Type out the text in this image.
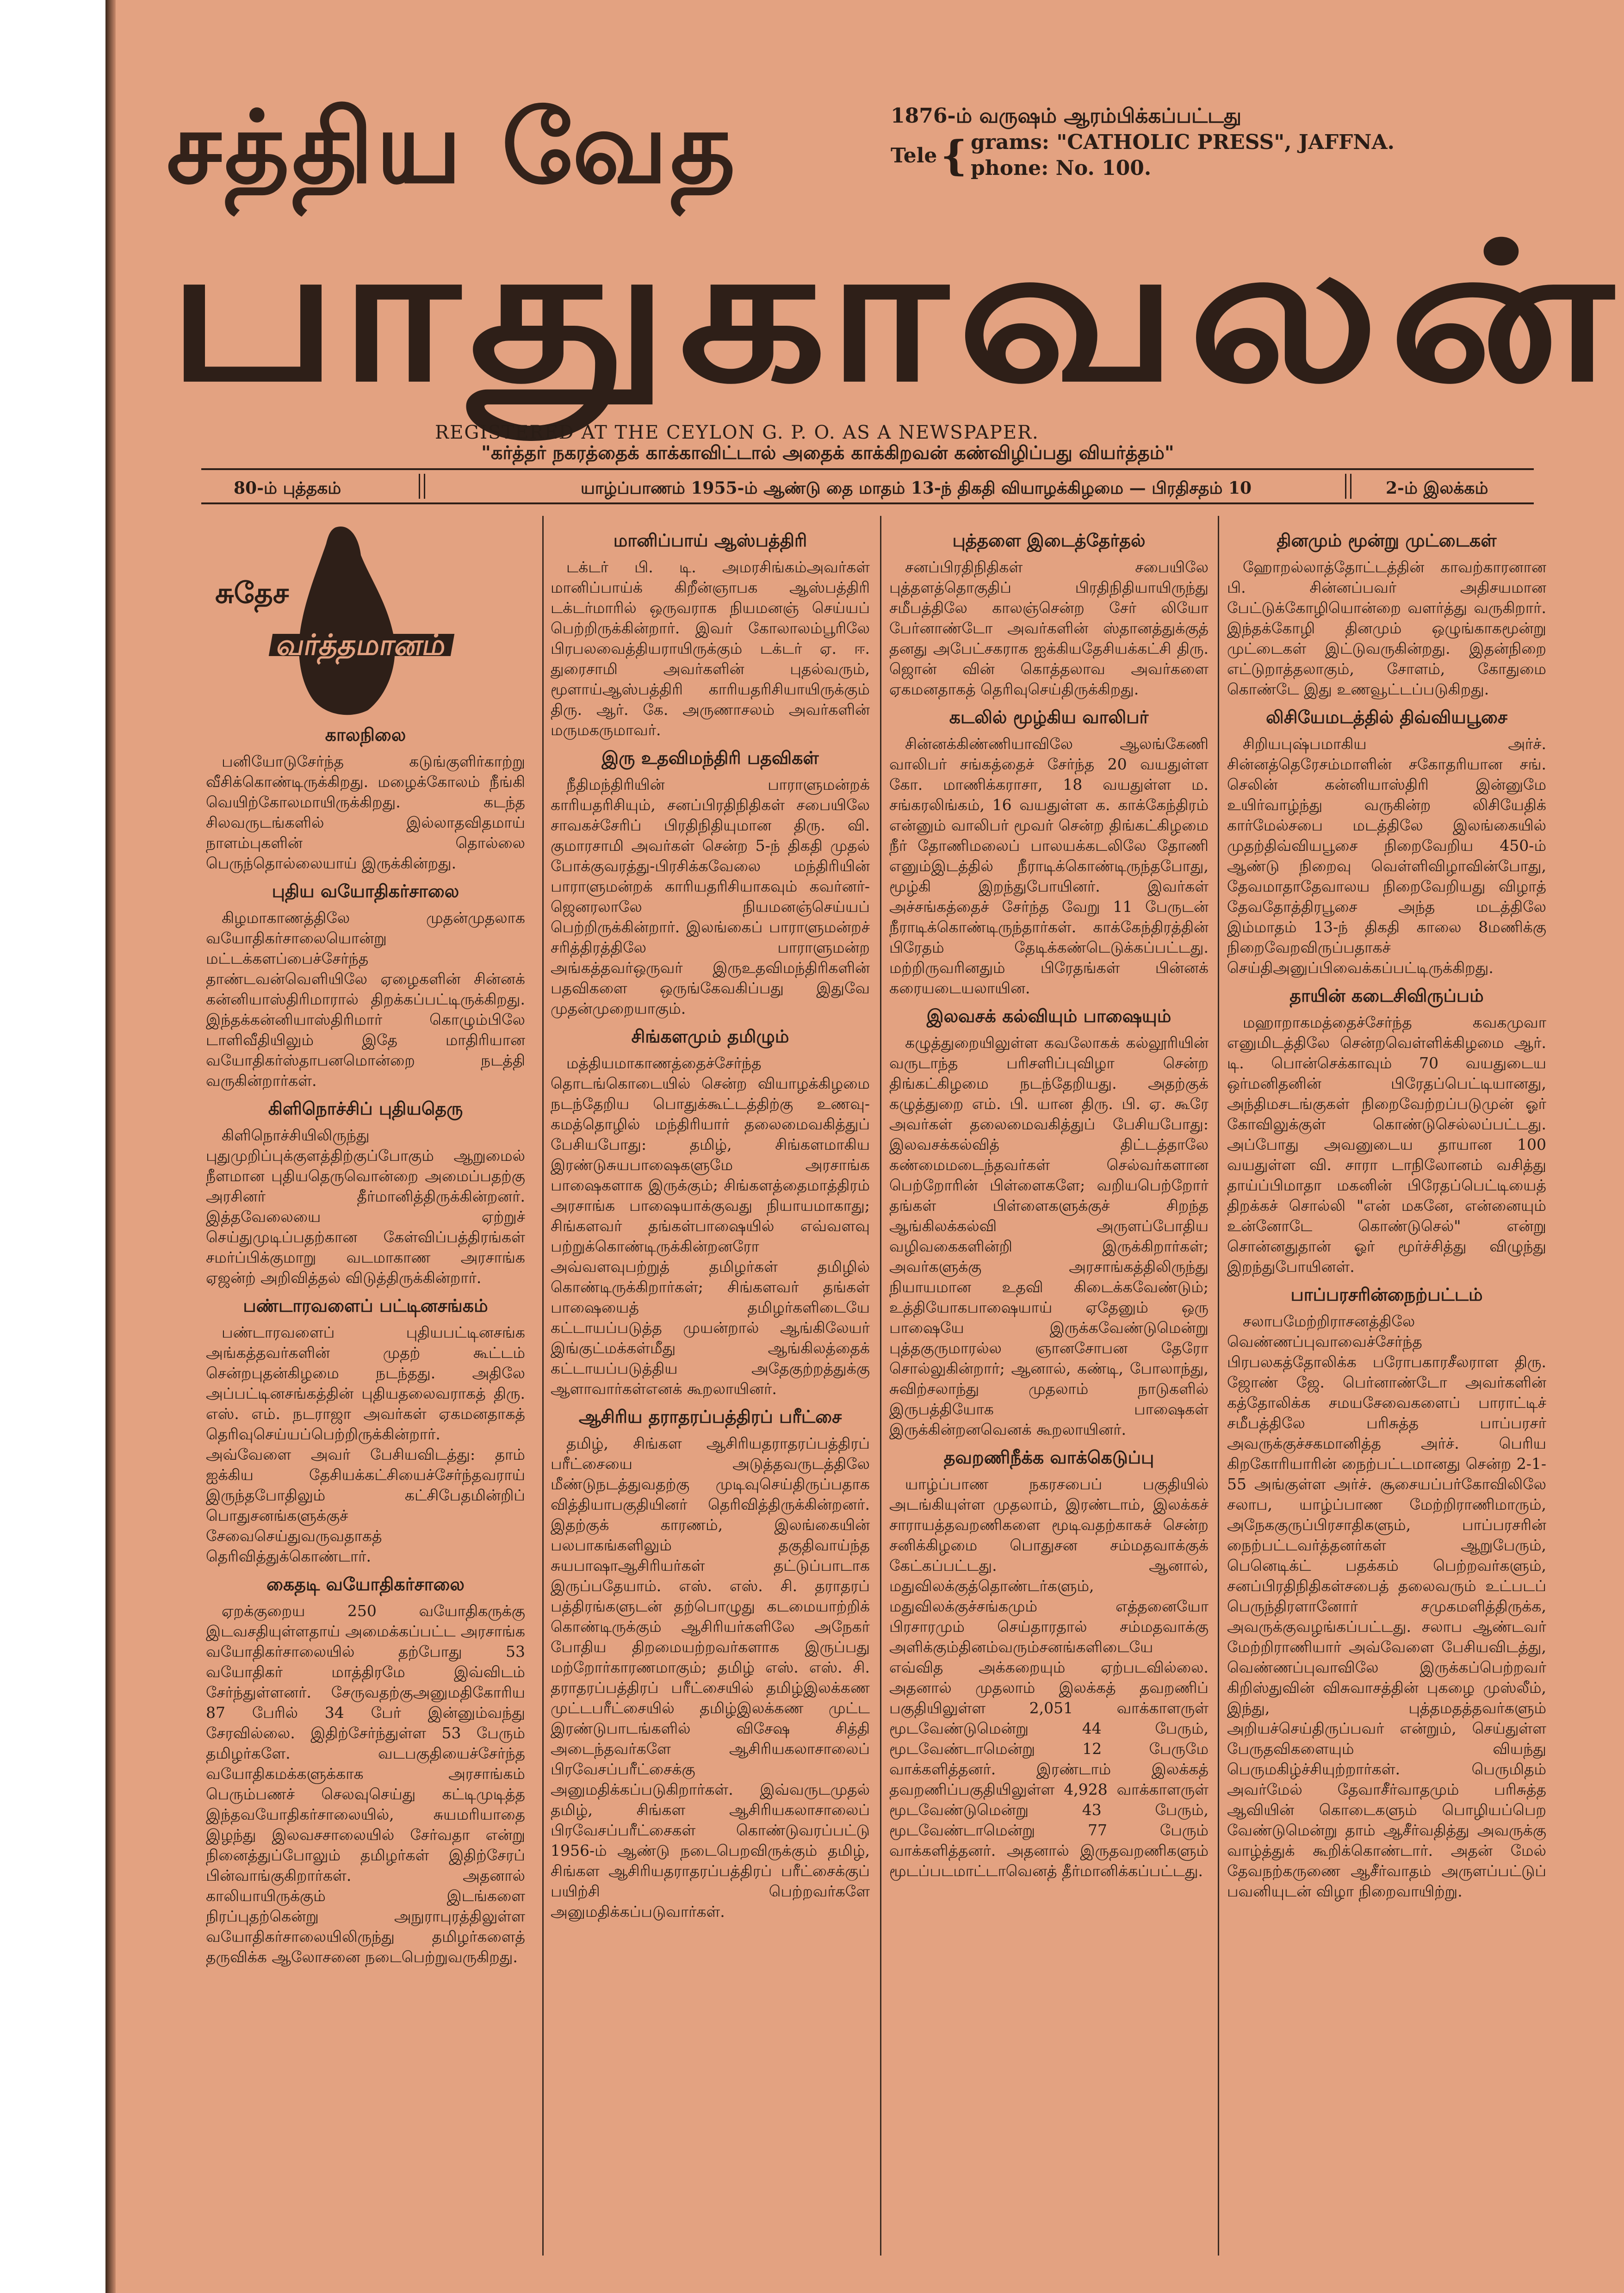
சத்திய வேத
பாதுகாவலன்
1876-ம் வருஷம் ஆரம்பிக்கப்பட்டது
Tele { grams: "CATHOLIC PRESS", JAFFNA.
phone: No. 100.
REGISTERED AT THE CEYLON G. P. O. AS A NEWSPAPER.
"கர்த்தர் நகரத்தைக் காக்காவிட்டால் அதைக் காக்கிறவன் கண்விழிப்பது வியர்த்தம்"
80-ம் புத்தகம்	யாழ்ப்பாணம் 1955-ம் ஆண்டு தை மாதம் 13-ந் திகதி வியாழக்கிழமை — பிரதிசதம் 10	2-ம் இலக்கம்
சுதேச
வர்த்தமானம்
காலநிலை

பனியோடுசேர்ந்த கடுங்குளிர்காற்று வீசிக்கொண்டிருக்கிறது. மழைக்கோலம் நீங்கி வெயிற்கோலமாயிருக்கிறது. கடந்த சிலவருடங்களில் இல்லாதவிதமாய் நாளம்புகளின் தொல்லை பெருந்தொல்லையாய் இருக்கின்றது.

புதிய வயோதிகர்சாலை

கிழமாகாணத்திலே முதன்முதலாக வயோதிகர்சாலையொன்று மட்டக்களப்பைச்சேர்ந்த தாண்டவன்வெளியிலே ஏழைகளின் சின்னக் கன்னியாஸ்திரிமாரால் திறக்கப்பட்டிருக்கிறது. இந்தக்கன்னியாஸ்திரிமார் கொழும்பிலே டாளிவீதியிலும் இதே மாதிரியான வயோதிகர்ஸ்தாபனமொன்றை நடத்தி வருகின்றார்கள்.

கிளிநொச்சிப் புதியதெரு

கிளிநொச்சியிலிருந்து புதுமுறிப்புக்குளத்திற்குப்போகும் ஆறுமைல் நீளமான புதியதெருவொன்றை அமைப்பதற்கு அரசினர் தீர்மானித்திருக்கின்றனர். இத்தவேலையை ஏற்றுச் செய்துமுடிப்பதற்கான கேள்விப்பத்திரங்கள் சமர்ப்பிக்குமாறு வடமாகாண அரசாங்க ஏஜன்ற் அறிவித்தல் விடுத்திருக்கின்றார்.

பண்டாரவளைப் பட்டினசங்கம்

பண்டாரவளைப் புதியபட்டினசங்க அங்கத்தவர்களின் முதற் கூட்டம் சென்றபுதன்கிழமை நடந்தது. அதிலே அப்பட்டினசங்கத்தின் புதியதலைவராகத் திரு. எஸ். எம். நடராஜா அவர்கள் ஏகமனதாகத் தெரிவுசெய்யப்பெற்றிருக்கின்றார். அவ்வேளை அவர் பேசியவிடத்து: தாம் ஐக்கிய தேசியக்கட்சியைச்சேர்ந்தவராய் இருந்தபோதிலும் கட்சிபேதமின்றிப் பொதுசனங்களுக்குச் சேவைசெய்துவருவதாகத் தெரிவித்துக்கொண்டார்.

கைதடி வயோதிகர்சாலை

ஏறக்குறைய 250 வயோதிகருக்கு இடவசதியுள்ளதாய் அமைக்கப்பட்ட அரசாங்க வயோதிகர்சாலையில் தற்போது 53 வயோதிகர் மாத்திரமே இவ்விடம் சேர்ந்துள்ளனர். சேருவதற்குஅனுமதிகோரிய 87 பேரில் 34 பேர் இன்னும்வந்து சேரவில்லை. இதிற்சேர்ந்துள்ள 53 பேரும் தமிழர்களே. வடபகுதியைச்சேர்ந்த வயோதிகமக்களுக்காக அரசாங்கம் பெரும்பணச் செலவுசெய்து கட்டிமுடித்த இந்தவயோதிகர்சாலையில், சுயமரியாதை இழந்து இலவசசாலையில் சேர்வதா என்று நினைத்துப்போலும் தமிழர்கள் இதிற்சேரப் பின்வாங்குகிறார்கள். அதனால் காலியாயிருக்கும் இடங்களை நிரப்புதற்கென்று அநுராபுரத்திலுள்ள வயோதிகர்சாலையிலிருந்து தமிழர்களைத் தருவிக்க ஆலோசனை நடைபெற்றுவருகிறது.

மானிப்பாய் ஆஸ்பத்திரி

டக்டர் பி. டி. அமரசிங்கம்அவர்கள் மானிப்பாய்க் கிறீன்ஞாபக ஆஸ்பத்திரி டக்டர்மாரில் ஒருவராக நியமனஞ் செய்யப் பெற்றிருக்கின்றார். இவர் கோலாலம்பூரிலே பிரபலவைத்தியராயிருக்கும் டக்டர் ஏ. ஈ. துரைசாமி அவர்களின் புதல்வரும், மூளாய்ஆஸ்பத்திரி காரியதரிசியாயிருக்கும் திரு. ஆர். கே. அருணாசலம் அவர்களின் மருமகருமாவர்.

இரு உதவிமந்திரி பதவிகள்

நீதிமந்திரியின் பாராளுமன்றக் காரியதரிசியும், சனப்பிரதிநிதிகள் சபையிலே சாவகச்சேரிப் பிரதிநிதியுமான திரு. வி. குமாரசாமி அவர்கள் சென்ற 5-ந் திகதி முதல் போக்குவரத்து-பிரசிக்கவேலை மந்திரியின் பாராளுமன்றக் காரியதரிசியாகவும் கவர்னர்-ஜெனரலாலே நியமனஞ்செய்யப் பெற்றிருக்கின்றார். இலங்கைப் பாராளுமன்றச் சரித்திரத்திலே பாராளுமன்ற அங்கத்தவர்ஒருவர் இருஉதவிமந்திரிகளின் பதவிகளை ஒருங்கேவகிப்பது இதுவே முதன்முறையாகும்.

சிங்களமும் தமிழும்

மத்தியமாகாணத்தைச்சேர்ந்த தொடங்கொடையில் சென்ற வியாழக்கிழமை நடந்தேறிய பொதுக்கூட்டத்திற்கு உணவு-கமத்தொழில் மந்திரியார் தலைமைவகித்துப் பேசியபோது: தமிழ், சிங்களமாகிய இரண்டுசுயபாஷைகளுமே அரசாங்க பாஷைகளாக இருக்கும்; சிங்களத்தைமாத்திரம் அரசாங்க பாஷையாக்குவது நியாயமாகாது; சிங்களவர் தங்கள்பாஷையில் எவ்வளவு பற்றுக்கொண்டிருக்கின்றனரோ அவ்வளவுபற்றுத் தமிழர்கள் தமிழில் கொண்டிருக்கிறார்கள்; சிங்களவர் தங்கள் பாஷையைத் தமிழர்களிடையே கட்டாயப்படுத்த முயன்றால் ஆங்கிலேயர் இங்குட்மக்கள்மீது ஆங்கிலத்தைக் கட்டாயப்படுத்திய அதேகுற்றத்துக்கு ஆளாவார்கள்எனக் கூறலாயினர்.

ஆசிரிய தராதரப்பத்திரப் பரீட்சை

தமிழ், சிங்கள ஆசிரியதராதரப்பத்திரப் பரீட்சையை அடுத்தவருடத்திலே மீண்டுநடத்துவதற்கு முடிவுசெய்திருப்பதாக வித்தியாபகுதியினர் தெரிவித்திருக்கின்றனர். இதற்குக் காரணம், இலங்கையின் பலபாகங்களிலும் தகுதிவாய்ந்த சுயபாஷாஆசிரியர்கள் தட்டுப்பாடாக இருப்பதேயாம். எஸ். எஸ். சி. தராதரப் பத்திரங்களுடன் தற்பொழுது கடமையாற்றிக் கொண்டிருக்கும் ஆசிரியர்களிலே அநேகர் போதிய திறமையற்றவர்களாக இருப்பது மற்றோர்காரணமாகும்; தமிழ் எஸ். எஸ். சி. தராதரப்பத்திரப் பரீட்சையில் தமிழ்இலக்கண முட்டபரீட்சையில் தமிழ்இலக்கண முட்ட இரண்டுபாடங்களில் விசேஷ சித்தி அடைந்தவர்களே ஆசிரியகலாசாலைப் பிரவேசப்பரீட்சைக்கு அனுமதிக்கப்படுகிறார்கள். இவ்வருடமுதல் தமிழ், சிங்கள ஆசிரியகலாசாலைப் பிரவேசப்பரீட்சைகள் கொண்டுவரப்பட்டு 1956-ம் ஆண்டு நடைபெறவிருக்கும் தமிழ், சிங்கள ஆசிரியதராதரப்பத்திரப் பரீட்சைக்குப் பயிற்சி பெற்றவர்களே அனுமதிக்கப்படுவார்கள்.

புத்தளை இடைத்தேர்தல்

சனப்பிரதிநிதிகள் சபையிலே புத்தளத்தொகுதிப் பிரதிநிதியாயிருந்து சமீபத்திலே காலஞ்சென்ற சேர் லியோ பேர்னாண்டோ அவர்களின் ஸ்தானத்துக்குத் தனது அபேட்சகராக ஐக்கியதேசியக்கட்சி திரு. ஜொன் வின் கொத்தலாவ அவர்களை ஏகமனதாகத் தெரிவுசெய்திருக்கிறது.

கடலில் மூழ்கிய வாலிபர்

சின்னக்கிண்ணியாவிலே ஆலங்கேணி வாலிபர் சங்கத்தைச் சேர்ந்த 20 வயதுள்ள கோ. மாணிக்கராசா, 18 வயதுள்ள ம. சங்கரலிங்கம், 16 வயதுள்ள க. காக்கேந்திரம் என்னும் வாலிபர் மூவர் சென்ற திங்கட்கிழமை நீர் தோணிமலைப் பாலயக்கடலிலே தோணி எனும்இடத்தில் நீராடிக்கொண்டிருந்தபோது, மூழ்கி இறந்துபோயினர். இவர்கள் அச்சங்கத்தைச் சேர்ந்த வேறு 11 பேருடன் நீராடிக்கொண்டிருந்தார்கள். காக்கேந்திரத்தின் பிரேதம் தேடிக்கண்டெடுக்கப்பட்டது. மற்றிருவரினதும் பிரேதங்கள் பின்னக் கரையடையலாயின.

இலவசக் கல்வியும் பாஷையும்

கழுத்துறையிலுள்ள கவலோகக் கல்லூரியின் வருடாந்த பரிசளிப்புவிழா சென்ற திங்கட்கிழமை நடந்தேறியது. அதற்குக் கழுத்துறை எம். பி. யான திரு. பி. ஏ. கூரே அவர்கள் தலைமைவகித்துப் பேசியபோது: இலவசக்கல்வித் திட்டத்தாலே கண்மைமடைந்தவர்கள் செல்வர்களான பெற்றோரின் பிள்ளைகளே; வறியபெற்றோர் தங்கள் பிள்ளைகளுக்குச் சிறந்த ஆங்கிலக்கல்வி அருளப்போதிய வழிவகைகளின்றி இருக்கிறார்கள்; அவர்களுக்கு அரசாங்கத்திலிருந்து நியாயமான உதவி கிடைக்கவேண்டும்; உத்தியோகபாஷையாய் ஏதேனும் ஒரு பாஷையே இருக்கவேண்டுமென்று புத்தகுருமாரல்ல ஞானசோபன தேரோ சொல்லுகின்றார்; ஆனால், கண்டி, போலாந்து, சுவிற்சலாந்து முதலாம் நாடுகளில் இருபத்தியோக பாஷைகள் இருக்கின்றனவெனக் கூறலாயினர்.

தவறணிநீக்க வாக்கெடுப்பு

யாழ்ப்பாண நகரசபைப் பகுதியில் அடங்கியுள்ள முதலாம், இரண்டாம், இலக்கச் சாராயத்தவறணிகளை மூடிவதற்காகச் சென்ற சனிக்கிழமை பொதுசன சம்மதவாக்குக் கேட்கப்பட்டது. ஆனால், மதுவிலக்குத்தொண்டர்களும், மதுவிலக்குச்சங்கமும் எத்தனையோ பிரசாரமும் செய்தாரதால் சம்மதவாக்கு அளிக்கும்தினம்வரும்சனங்களிடையே எவ்வித அக்கறையும் ஏற்படவில்லை. அதனால் முதலாம் இலக்கத் தவறணிப் பகுதியிலுள்ள 2,051 வாக்காளருள் மூடவேண்டுமென்று 44 பேரும், மூடவேண்டாமென்று 12 பேருமே வாக்களித்தனர். இரண்டாம் இலக்கத் தவறணிப்பகுதியிலுள்ள 4,928 வாக்காளருள் மூடவேண்டுமென்று 43 பேரும், மூடவேண்டாமென்று 77 பேரும் வாக்களித்தனர். அதனால் இருதவறணிகளும் மூடப்படமாட்டாவெனத் தீர்மானிக்கப்பட்டது.

தினமும் மூன்று முட்டைகள்

ஹோறல்லாத்தோட்டத்தின் காவற்காரனான பி. சின்னப்பவர் அதிசயமான பேட்டுக்கோழியொன்றை வளர்த்து வருகிறார். இந்தக்கோழி தினமும் ஒழுங்காகமூன்று முட்டைகள் இட்டுவருகின்றது. இதன்நிறை எட்டுறாத்தலாகும், சோளம், கோதுமை கொண்டே இது உணவூட்டப்படுகிறது.

லிசியேமடத்தில் திவ்வியபூசை

சிறியபுஷ்பமாகிய அர்ச். சின்னத்தெரேசம்மாளின் சகோதரியான சங். செலின் கன்னியாஸ்திரி இன்னுமே உயிர்வாழ்ந்து வருகின்ற லிசியேதிக் கார்மேல்சபை மடத்திலே இலங்கையில் முதற்திவ்வியபூசை நிறைவேறிய 450-ம் ஆண்டு நிறைவு வெள்ளிவிழாவின்போது, தேவமாதாதேவாலய நிறைவேறியது விழாத் தேவதோத்திரபூசை அந்த மடத்திலே இம்மாதம் 13-ந் திகதி காலை 8மணிக்கு நிறைவேறவிருப்பதாகச் செய்திஅனுப்பிவைக்கப்பட்டிருக்கிறது.

தாயின் கடைசிவிருப்பம்

மஹாறாகமத்தைச்சேர்ந்த கவகமுவா எனுமிடத்திலே சென்றவெள்ளிக்கிழமை ஆர். டி. பொன்செக்காவும் 70 வயதுடைய ஒர்மனிதனின் பிரேதப்பெட்டியானது, அந்திமசடங்குகள் நிறைவேற்றப்படுமுன் ஓர் கோவிலுக்குள் கொண்டுசெல்லப்பட்டது. அப்போது அவனுடைய தாயான 100 வயதுள்ள வி. சாரா டாநிலோனம் வசித்து தாய்ப்பிமாதா மகனின் பிரேதப்பெட்டியைத் திறக்கச் சொல்லி "என் மகனே, என்னையும் உன்னோடே கொண்டுசெல்" என்று சொன்னதுதான் ஓர் மூர்ச்சித்து விழுந்து இறந்துபோயினள்.

பாப்பரசரின்நைற்பட்டம்

சலாபமேற்றிராசனத்திலே வெண்ணப்புவாவைச்சேர்ந்த பிரபலகத்தோலிக்க பரோபகாரசீலராள திரு. ஜோண் ஜே. பெர்னாண்டோ அவர்களின் கத்தோலிக்க சமயசேவைகளைப் பாராட்டிச் சமீபத்திலே பரிசுத்த பாப்பரசர் அவருக்குச்சகமானித்த அர்ச். பெரிய கிறகோரியாரின் நைற்பட்டமானது சென்ற 2-1-55 அங்குள்ள அர்ச். சூசையப்பர்கோவிலிலே சலாப, யாழ்ப்பாண மேற்றிராணிமாரும், அநேககுருப்பிரசாதிகளும், பாப்பரசரின் நைற்பட்டவர்த்தனர்கள் ஆறுபேரும், பெனெடிக்ட் பதக்கம் பெற்றவர்களும், சனப்பிரதிநிதிகள்சபைத் தலைவரும் உட்படப் பெருந்திரளானோர் சமுகமளித்திருக்க, அவருக்குவழங்கப்பட்டது. சலாப ஆண்டவர் மேற்றிராணியார் அவ்வேளை பேசியவிடத்து, வெண்ணப்புவாவிலே இருக்கப்பெற்றவர் கிறிஸ்துவின் விசுவாசத்தின் புகழை முஸ்லீம், இந்து, புத்தமதத்தவர்களும் அறியச்செய்திருப்பவர் என்றும், செய்துள்ள பேருதவிகளையும் வியந்து பெருமகிழ்ச்சியுற்றார்கள். பெருமிதம் அவர்மேல் தேவாசீர்வாதமும் பரிசுத்த ஆவியின் கொடைகளும் பொழியப்பெற வேண்டுமென்று தாம் ஆசீர்வதித்து அவருக்கு வாழ்த்துக் கூறிக்கொண்டார். அதன் மேல் தேவநற்கருணை ஆசீர்வாதம் அருளப்பட்டுப் பவனியுடன் விழா நிறைவாயிற்று.
